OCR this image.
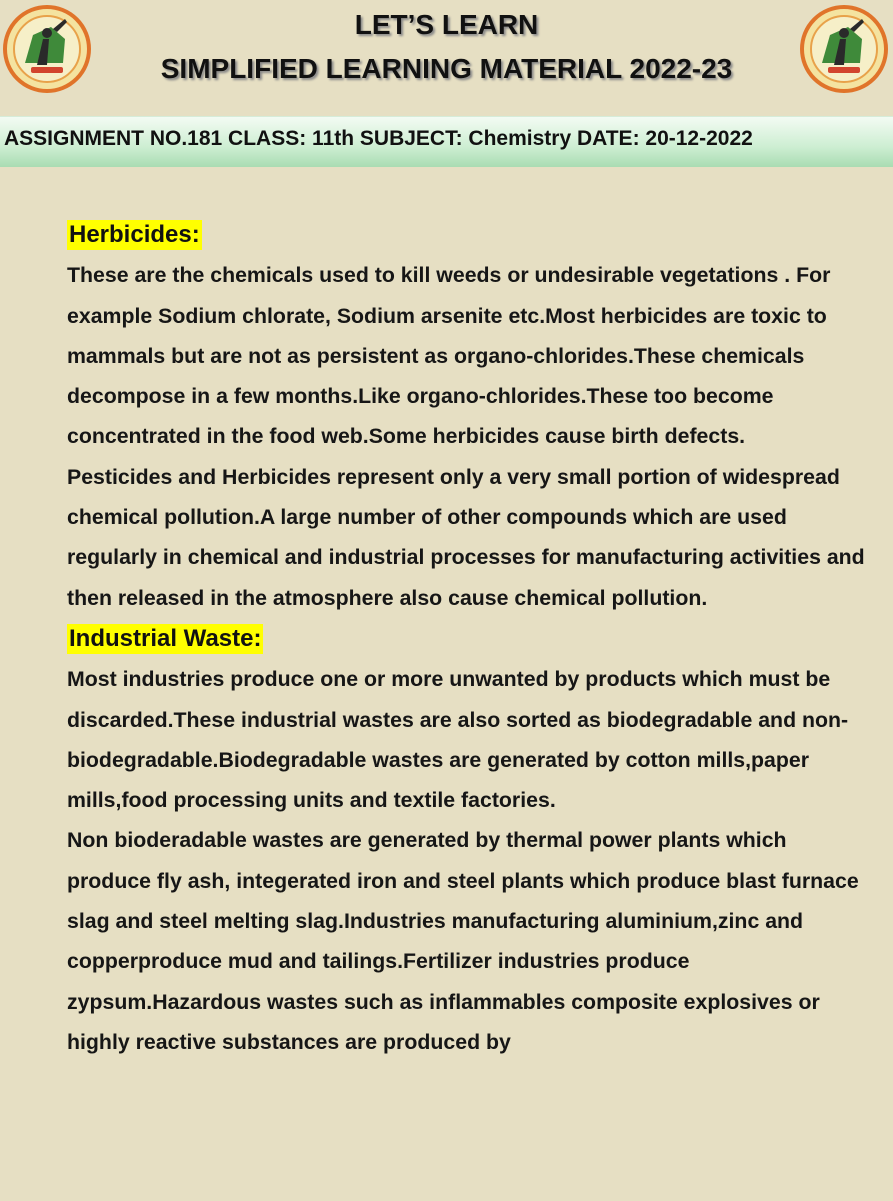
LET’S LEARN
SIMPLIFIED LEARNING MATERIAL 2022-23
ASSIGNMENT NO.181 CLASS: 11th SUBJECT: Chemistry DATE: 20-12-2022
Herbicides:

These are the chemicals used to kill weeds or undesirable vegetations . For example Sodium chlorate, Sodium arsenite etc.Most herbicides are toxic to mammals but are not as persistent as organo-chlorides.These chemicals decompose in a few months.Like organo-chlorides.These too become concentrated in the food web.Some herbicides cause birth defects.

Pesticides and Herbicides represent only a very small portion of widespread chemical pollution.A large number of other compounds which are used regularly in chemical and industrial processes for manufacturing activities and then released in the atmosphere also cause chemical pollution.

Industrial Waste:

Most industries produce one or more unwanted by products which must be discarded.These industrial wastes are also sorted as biodegradable and non-biodegradable.Biodegradable wastes are generated by cotton mills,paper mills,food processing units and textile factories.

Non bioderadable wastes are generated by thermal power plants which produce fly ash, integerated iron and steel plants which produce blast furnace slag and steel melting slag.Industries manufacturing aluminium,zinc and copperproduce mud and tailings.Fertilizer industries produce zypsum.Hazardous wastes such as inflammables composite explosives or highly reactive substances are produced by
